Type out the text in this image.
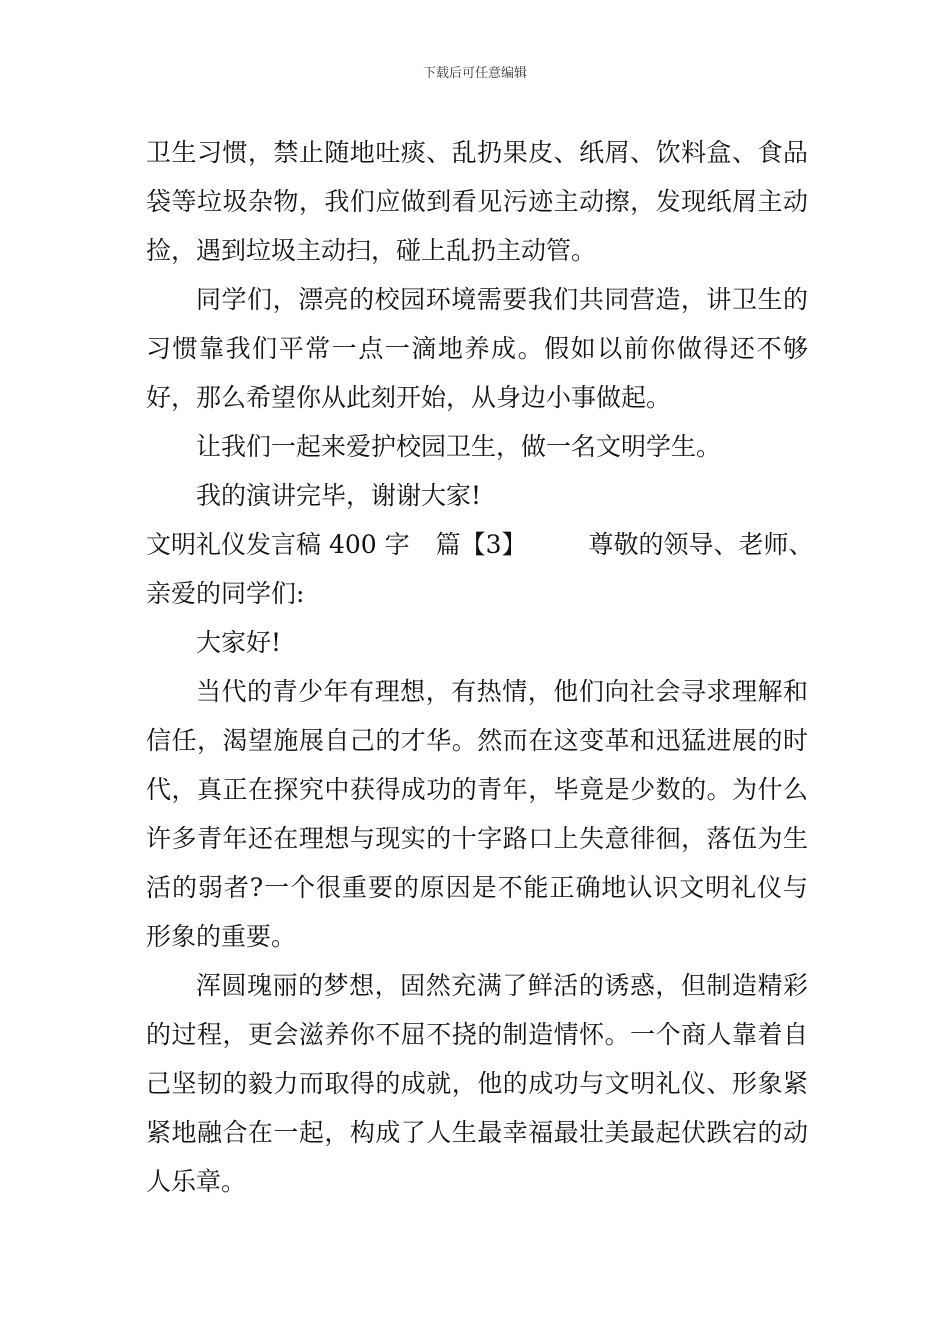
下载后可任意编辑

卫生习惯，禁止随地吐痰、乱扔果皮、纸屑、饮料盒、食品袋等垃圾杂物，我们应做到看见污迹主动擦，发现纸屑主动捡，遇到垃圾主动扫，碰上乱扔主动管。

同学们，漂亮的校园环境需要我们共同营造，讲卫生的习惯靠我们平常一点一滴地养成。假如以前你做得还不够好，那么希望你从此刻开始，从身边小事做起。

让我们一起来爱护校园卫生，做一名文明学生。

我的演讲完毕，谢谢大家!

文明礼仪发言稿 400 字 篇【3】 尊敬的领导、老师、

亲爱的同学们:

大家好!

当代的青少年有理想，有热情，他们向社会寻求理解和信任，渴望施展自己的才华。然而在这变革和迅猛进展的时代，真正在探究中获得成功的青年，毕竟是少数的。为什么许多青年还在理想与现实的十字路口上失意徘徊，落伍为生活的弱者?一个很重要的原因是不能正确地认识文明礼仪与形象的重要。

浑圆瑰丽的梦想，固然充满了鲜活的诱惑，但制造精彩的过程，更会滋养你不屈不挠的制造情怀。一个商人靠着自己坚韧的毅力而取得的成就，他的成功与文明礼仪、形象紧紧地融合在一起，构成了人生最幸福最壮美最起伏跌宕的动人乐章。
